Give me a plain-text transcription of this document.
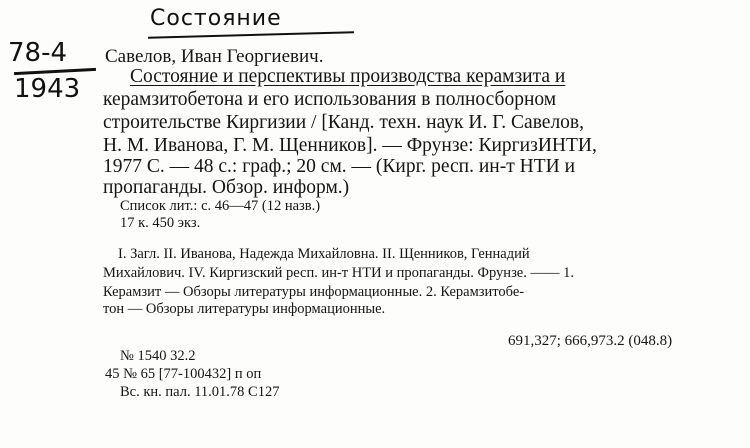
Состояние
78-4
1943
Савелов, Иван Георгиевич.
Состояние и перспективы производства керамзита и
керамзитобетона и его использования в полносборном
строительстве Киргизии / [Канд. техн. наук И. Г. Савелов,
Н. М. Иванова, Г. М. Щенников]. — Фрунзе: КиргизИНТИ,
1977 С. — 48 с.: граф.; 20 см. — (Кирг. респ. ин-т НТИ и
пропаганды. Обзор. информ.)
Список лит.: с. 46—47 (12 назв.)
17 к. 450 экз.
I. Загл. II. Иванова, Надежда Михайловна. II. Щенников, Геннадий
Михайлович. IV. Киргизский респ. ин-т НТИ и пропаганды. Фрунзе. —— 1.
Керамзит — Обзоры литературы информационные. 2. Керамзитобе-
тон — Обзоры литературы информационные.
691,327; 666,973.2 (048.8)
№ 1540 32.2
45 № 65 [77-100432] п оп
Вс. кн. пал. 11.01.78 С127
